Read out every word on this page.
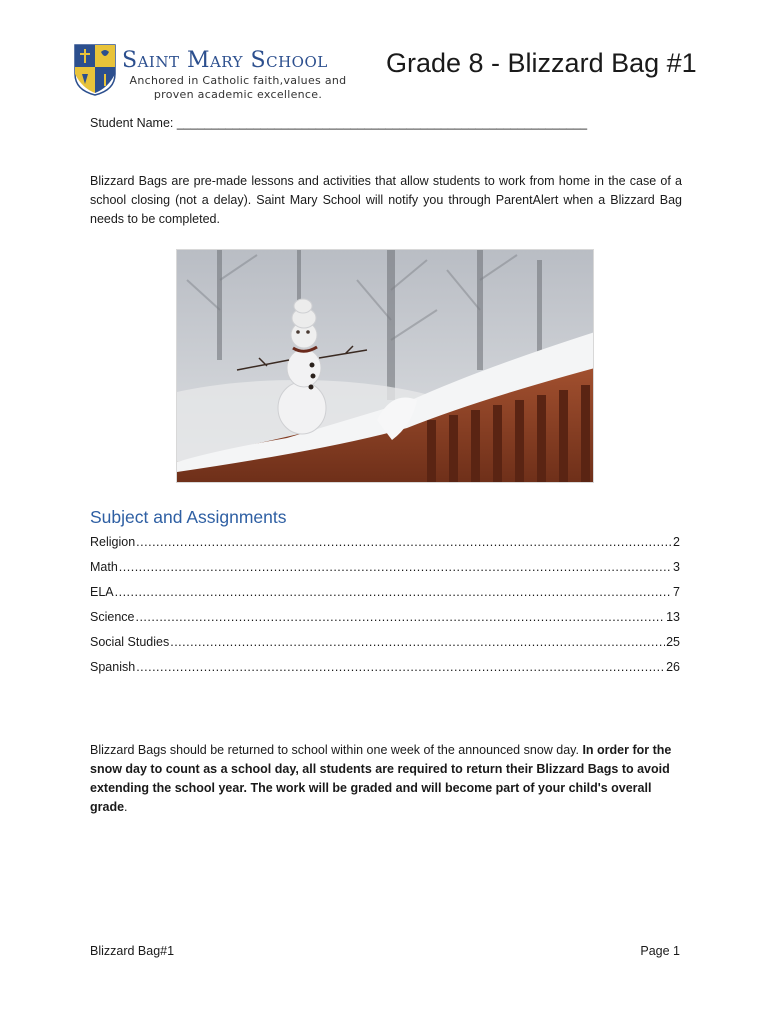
Saint Mary School
Anchored in Catholic faith,values and
proven academic excellence.
Grade 8 - Blizzard Bag #1
Student Name: ___________________________________________________________
Blizzard Bags are pre-made lessons and activities that allow students to work from home in the case of a school closing (not a delay). Saint Mary School will notify you through ParentAlert when a Blizzard Bag needs to be completed.
Subject and Assignments
Religion .....	2
Math .....	3
ELA .....	7
Science .....	13
Social Studies .....	25
Spanish .....	26
Blizzard Bags should be returned to school within one week of the announced snow day. In order for the snow day to count as a school day, all students are required to return their Blizzard Bags to avoid extending the school year. The work will be graded and will become part of your child's overall grade.
Blizzard Bag#1	Page 1
